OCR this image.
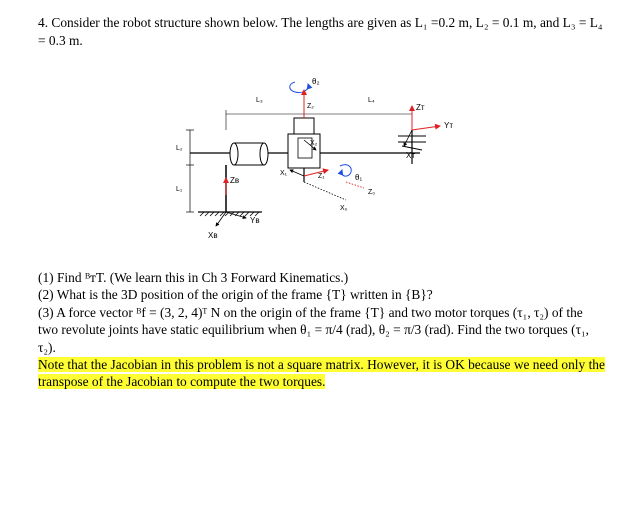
4. Consider the robot structure shown below. The lengths are given as L₁ =0.2 m, L₂ = 0.1 m, and L₃ = L₄
= 0.3 m.
L₁
L₂
Zʙ
Yʙ
Xʙ
L₃	L₄
θ₂
Z₂
X₂
X₁	Z₁	θ₁
X₀
Z₀
Zᴛ
Yᴛ
Xᴛ
(1) Find ᴮᴛT. (We learn this in Ch 3 Forward Kinematics.)
(2) What is the 3D position of the origin of the frame {T} written in {B}?
(3) A force vector ᴮf = (3, 2, 4)ᵀ N on the origin of the frame {T} and two motor torques (τ₁, τ₂) of the two revolute joints have static equilibrium when θ₁ = π/4 (rad), θ₂ = π/3 (rad). Find the two torques (τ₁, τ₂).
Note that the Jacobian in this problem is not a square matrix. However, it is OK because we need only the transpose of the Jacobian to compute the two torques.
